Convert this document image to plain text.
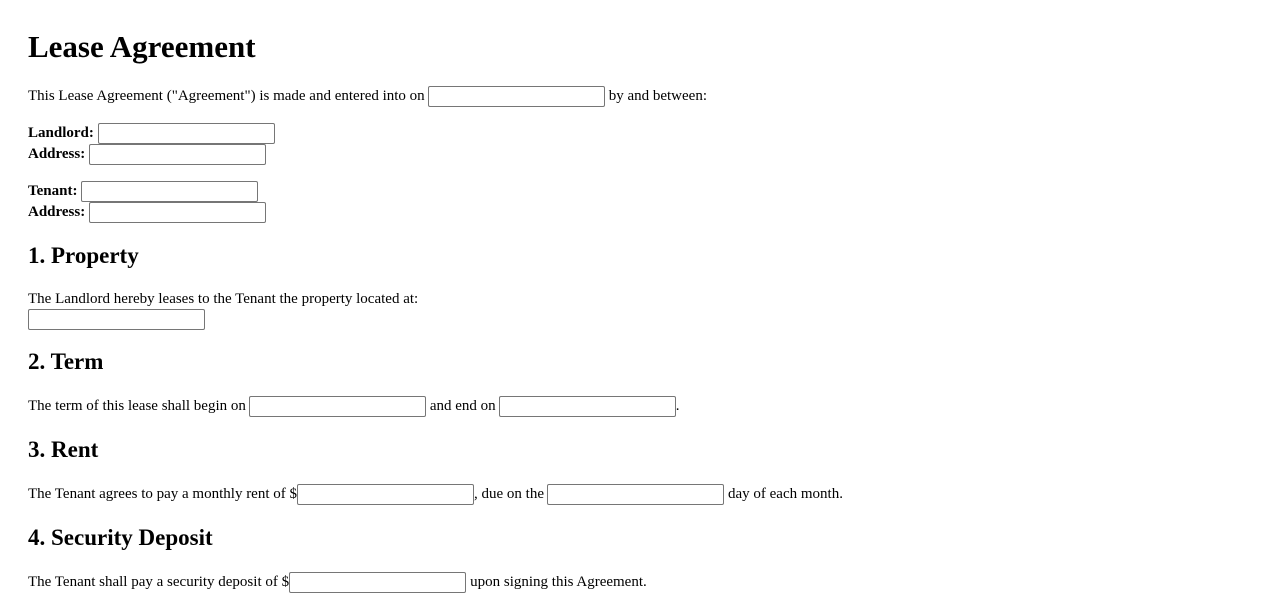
Lease Agreement
This Lease Agreement ("Agreement") is made and entered into on	by and between:
Landlord:
Address:
Tenant:
Address:
1. Property
The Landlord hereby leases to the Tenant the property located at:
2. Term
The term of this lease shall begin on	and end on	.
3. Rent
The Tenant agrees to pay a monthly rent of $	, due on the	day of each month.
4. Security Deposit
The Tenant shall pay a security deposit of $	upon signing this Agreement.
